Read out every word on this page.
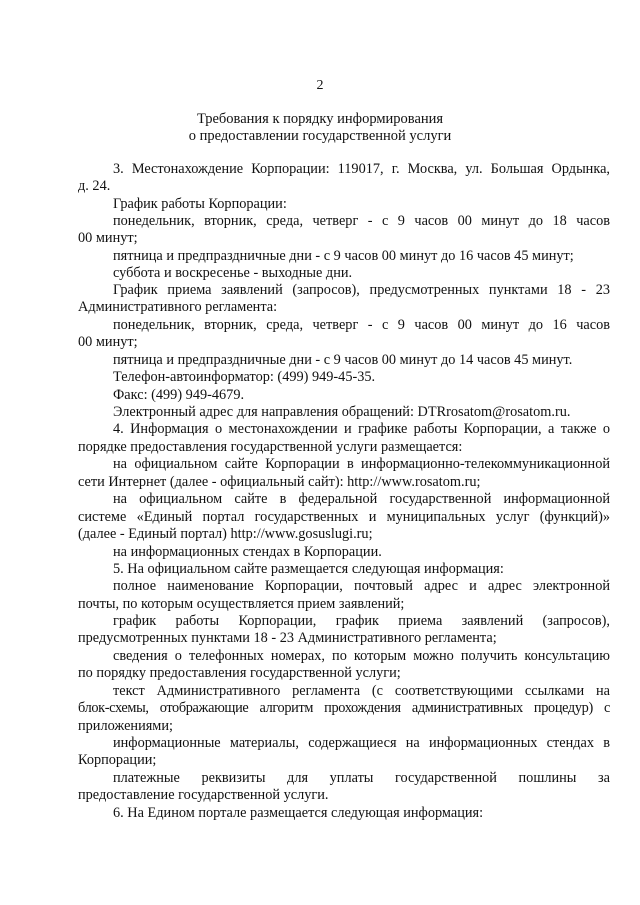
2
Требования к порядку информирования
о предоставлении государственной услуги
3. Местонахождение Корпорации: 119017, г. Москва, ул. Большая Ордынка,
д. 24.
График работы Корпорации:
понедельник, вторник, среда, четверг - с 9 часов 00 минут до 18 часов
00 минут;
пятница и предпраздничные дни - с 9 часов 00 минут до 16 часов 45 минут;
суббота и воскресенье - выходные дни.
График приема заявлений (запросов), предусмотренных пунктами 18 - 23
Административного регламента:
понедельник, вторник, среда, четверг - с 9 часов 00 минут до 16 часов
00 минут;
пятница и предпраздничные дни - с 9 часов 00 минут до 14 часов 45 минут.
Телефон-автоинформатор: (499) 949-45-35.
Факс: (499) 949-4679.
Электронный адрес для направления обращений: DTRrosatom@rosatom.ru.
4. Информация о местонахождении и графике работы Корпорации, а также о
порядке предоставления государственной услуги размещается:
на официальном сайте Корпорации в информационно-телекоммуникационной
сети Интернет (далее - официальный сайт): http://www.rosatom.ru;
на официальном сайте в федеральной государственной информационной
системе «Единый портал государственных и муниципальных услуг (функций)»
(далее - Единый портал) http://www.gosuslugi.ru;
на информационных стендах в Корпорации.
5. На официальном сайте размещается следующая информация:
полное наименование Корпорации, почтовый адрес и адрес электронной
почты, по которым осуществляется прием заявлений;
график работы Корпорации, график приема заявлений (запросов),
предусмотренных пунктами 18 - 23 Административного регламента;
сведения о телефонных номерах, по которым можно получить консультацию
по порядку предоставления государственной услуги;
текст Административного регламента (с соответствующими ссылками на
блок-схемы, отображающие алгоритм прохождения административных процедур) с
приложениями;
информационные материалы, содержащиеся на информационных стендах в
Корпорации;
платежные реквизиты для уплаты государственной пошлины за
предоставление государственной услуги.
6. На Едином портале размещается следующая информация:
